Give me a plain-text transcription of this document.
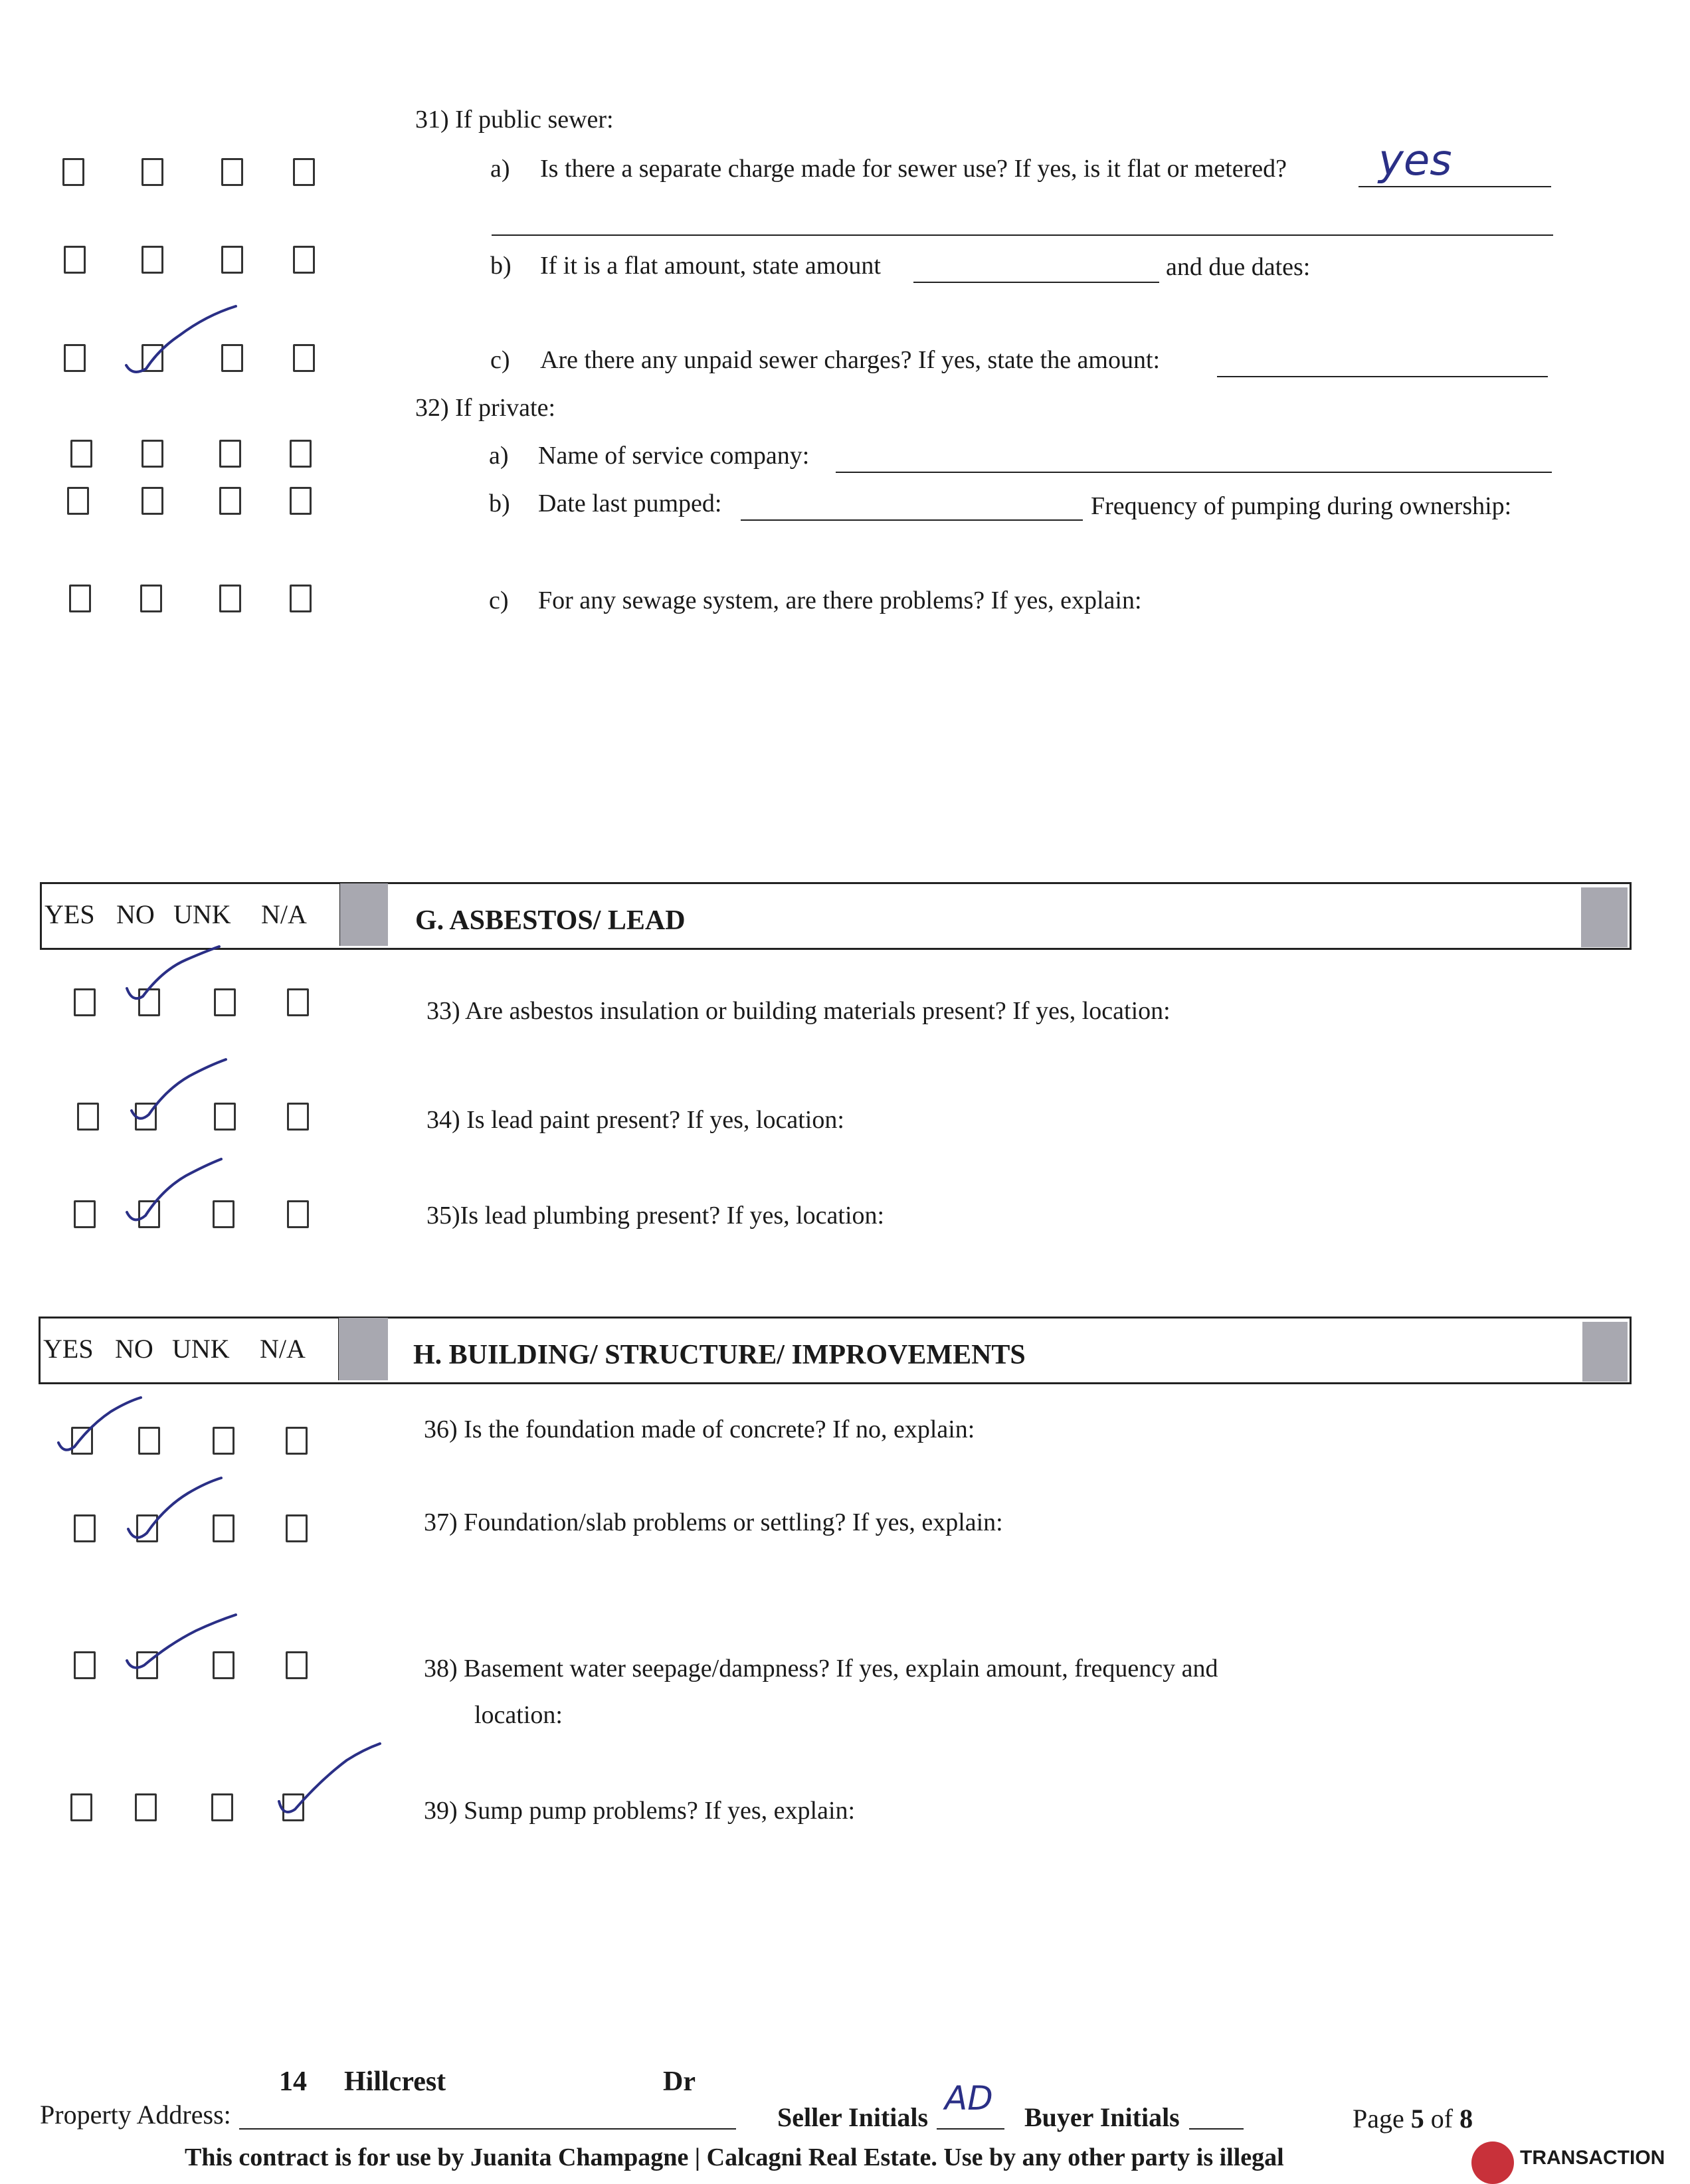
31) If public sewer:
a) Is there a separate charge made for sewer use? If yes, is it flat or metered? yes
b) If it is a flat amount, state amount	and due dates:
c) Are there any unpaid sewer charges? If yes, state the amount:
32) If private:
a) Name of service company:
b) Date last pumped:	Frequency of pumping during ownership:
c) For any sewage system, are there problems? If yes, explain:
YES NO UNK N/A	G. ASBESTOS/ LEAD
33) Are asbestos insulation or building materials present? If yes, location:
34) Is lead paint present? If yes, location:
35)Is lead plumbing present? If yes, location:
YES NO UNK N/A	H. BUILDING/ STRUCTURE/ IMPROVEMENTS
36) Is the foundation made of concrete? If no, explain:
37) Foundation/slab problems or settling? If yes, explain:
38) Basement water seepage/dampness? If yes, explain amount, frequency and
location:
39) Sump pump problems? If yes, explain:
14 Hillcrest	Dr
Property Address:	Seller Initials AD Buyer Initials	Page 5 of 8
This contract is for use by Juanita Champagne | Calcagni Real Estate. Use by any other party is illegal	TRANSACTION
